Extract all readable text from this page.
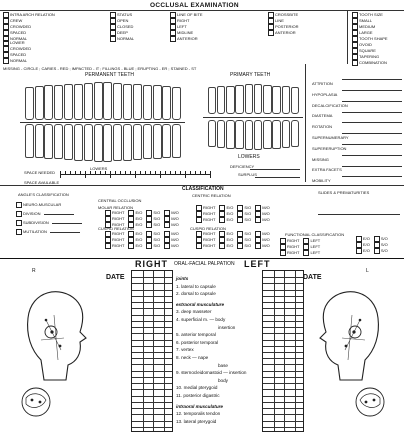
OCCLUSAL EXAMINATION
INTRA ARCH RELATION
CREW
CROWDED
SPACED
NORMAL
LOWER
CROWDED
SPACED
NORMAL
STATUS
OPEN
CLOSED
DEEP
NORMAL
LINE OF BITE
RIGHT
LEFT
MIDLINE
ANTERIOR
CROSSBITE
LINE
POSTERIOR
ANTERIOR
TOOTH SIZE
SMALL
MEDIUM
LARGE
TOOTH SHAPE
OVOID
SQUARE
TAPERING
COMBINATION
MISSING - CIRCLE ; CARIES - RED ; IMPACTED - IT ; FILLINGS - BLUE ; ERUPTING - ER ; STAINED - ST
PERMANENT TEETH	PRIMARY TEETH
LOWERS
LOWERS
SPACE NEEDED
SPACE AVAILABLE
DEFICIENCY
SURPLUS
ATTRITION
HYPOPLASIA
DECALCIFICATION
DIASTEMA
ROTATION
SUPERNUMERARY
SUPERERUPTION
MISSING
EXTRA FACETS
MOBILITY
CLASSIFICATION
ANGLE'S CLASSIFICATION
CENTRAL OCCLUSION
CENTRIC RELATION
MOLAR RELATION
CUSPID RELATION	CUSPID RELATION
FUNCTIONAL CLASSIFICATION
SLIDES & PREMATURITIES
NEURO-MUSCULAR
DIVISION
SUBDIVISION
MUTILATION
RIGHT	E/O	S/O	M/O
RIGHT	E/O	S/O	M/O
RIGHT	E/O	S/O	M/O
RIGHT	E/O	S/O	M/O
RIGHT	E/O	S/O	M/O
RIGHT	E/O	S/O	M/O
RIGHT	E/O	S/O	M/O
RIGHT	E/O	S/O	M/O
RIGHT	E/O	S/O	M/O
RIGHT	E/O	S/O	M/O
RIGHT	E/O	S/O	M/O
RIGHT	E/O	S/O	M/O
RIGHT	LEFT
RIGHT	LEFT
RIGHT	LEFT
E/O	S/O
E/O	S/O
E/O	S/O
RIGHT ORAL-FACIAL PALPATION LEFT
R	L
DATE	DATE
joints
1. lateral to capsule
2. dorsal to capsule
extraoral musculature
3. deep masseter
4. superficial m. — body
insertion
5. anterior temporal
6. posterior temporal
7. vertex
8. neck — nape
base
9. sternocleidomastoid — insertion
body
10. medial pterygoid
11. posterior digastric
intraoral musculature
12. temporalis tendon
13. lateral pterygoid
